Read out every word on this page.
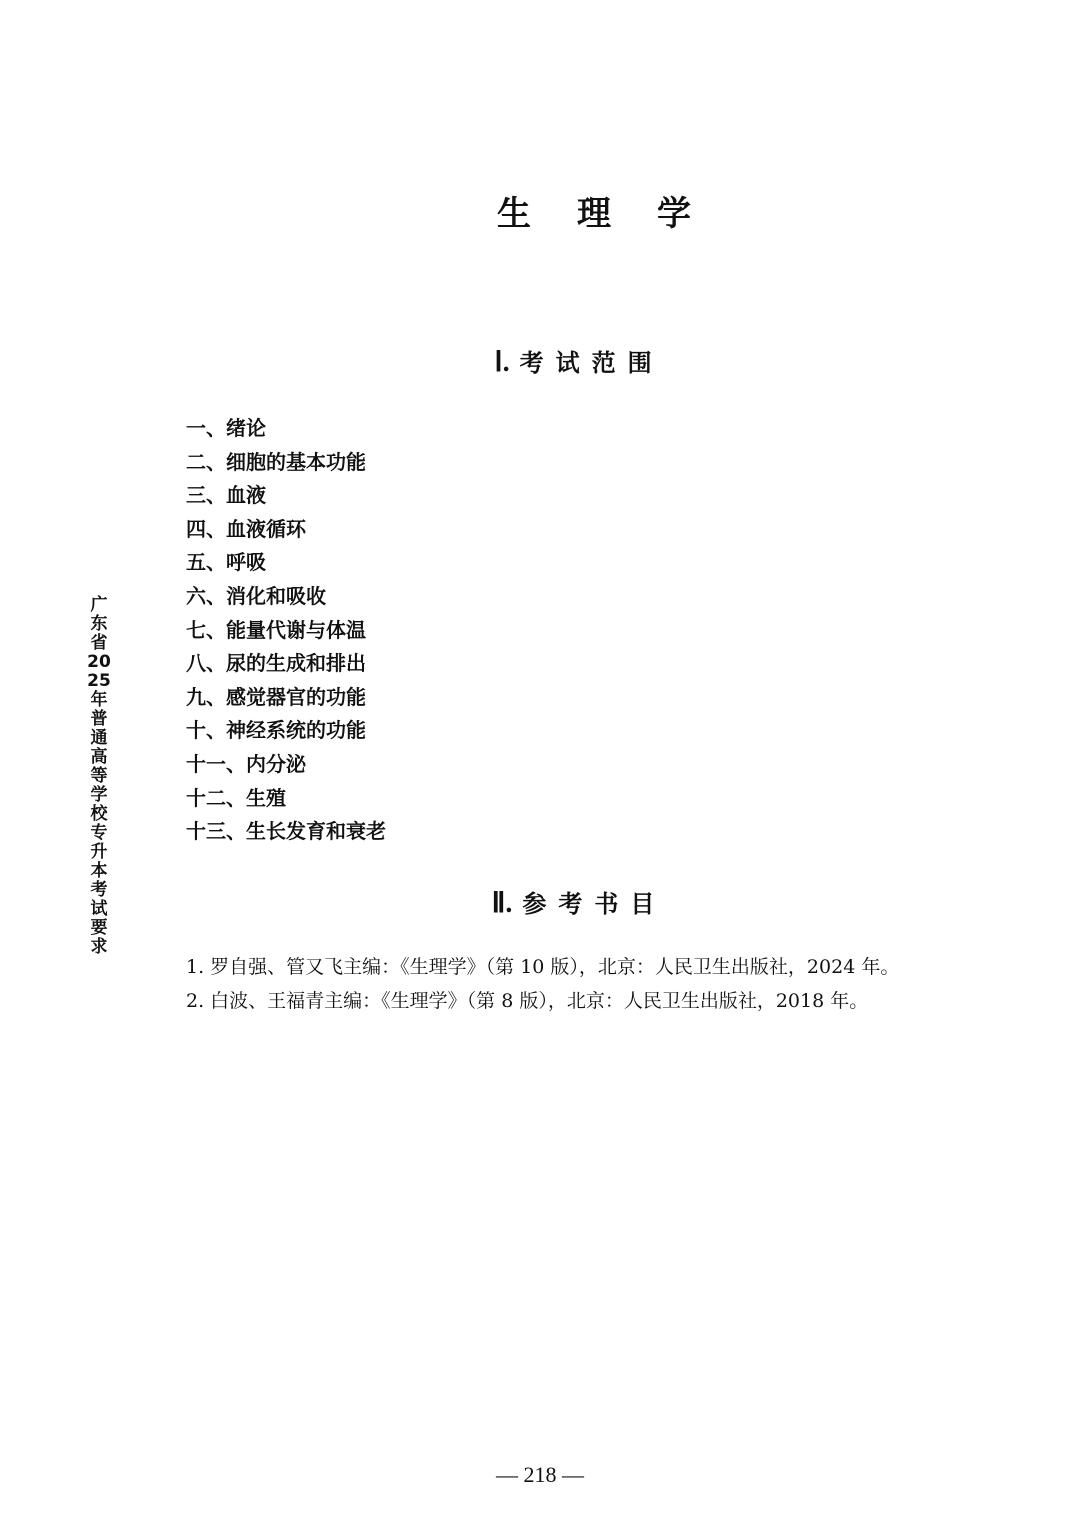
生理学
Ⅰ. 考试范围
一、绪论
二、细胞的基本功能
三、血液
四、血液循环
五、呼吸
六、消化和吸收
七、能量代谢与体温
八、尿的生成和排出
九、感觉器官的功能
十、神经系统的功能
十一、内分泌
十二、生殖
十三、生长发育和衰老
Ⅱ. 参考书目
1. 罗自强、管又飞主编：《生理学》（第 10 版），北京：人民卫生出版社，2024 年。
2. 白波、王福青主编：《生理学》（第 8 版），北京：人民卫生出版社，2018 年。
广东省2025年普通高等学校专升本考试要求
— 218 —
